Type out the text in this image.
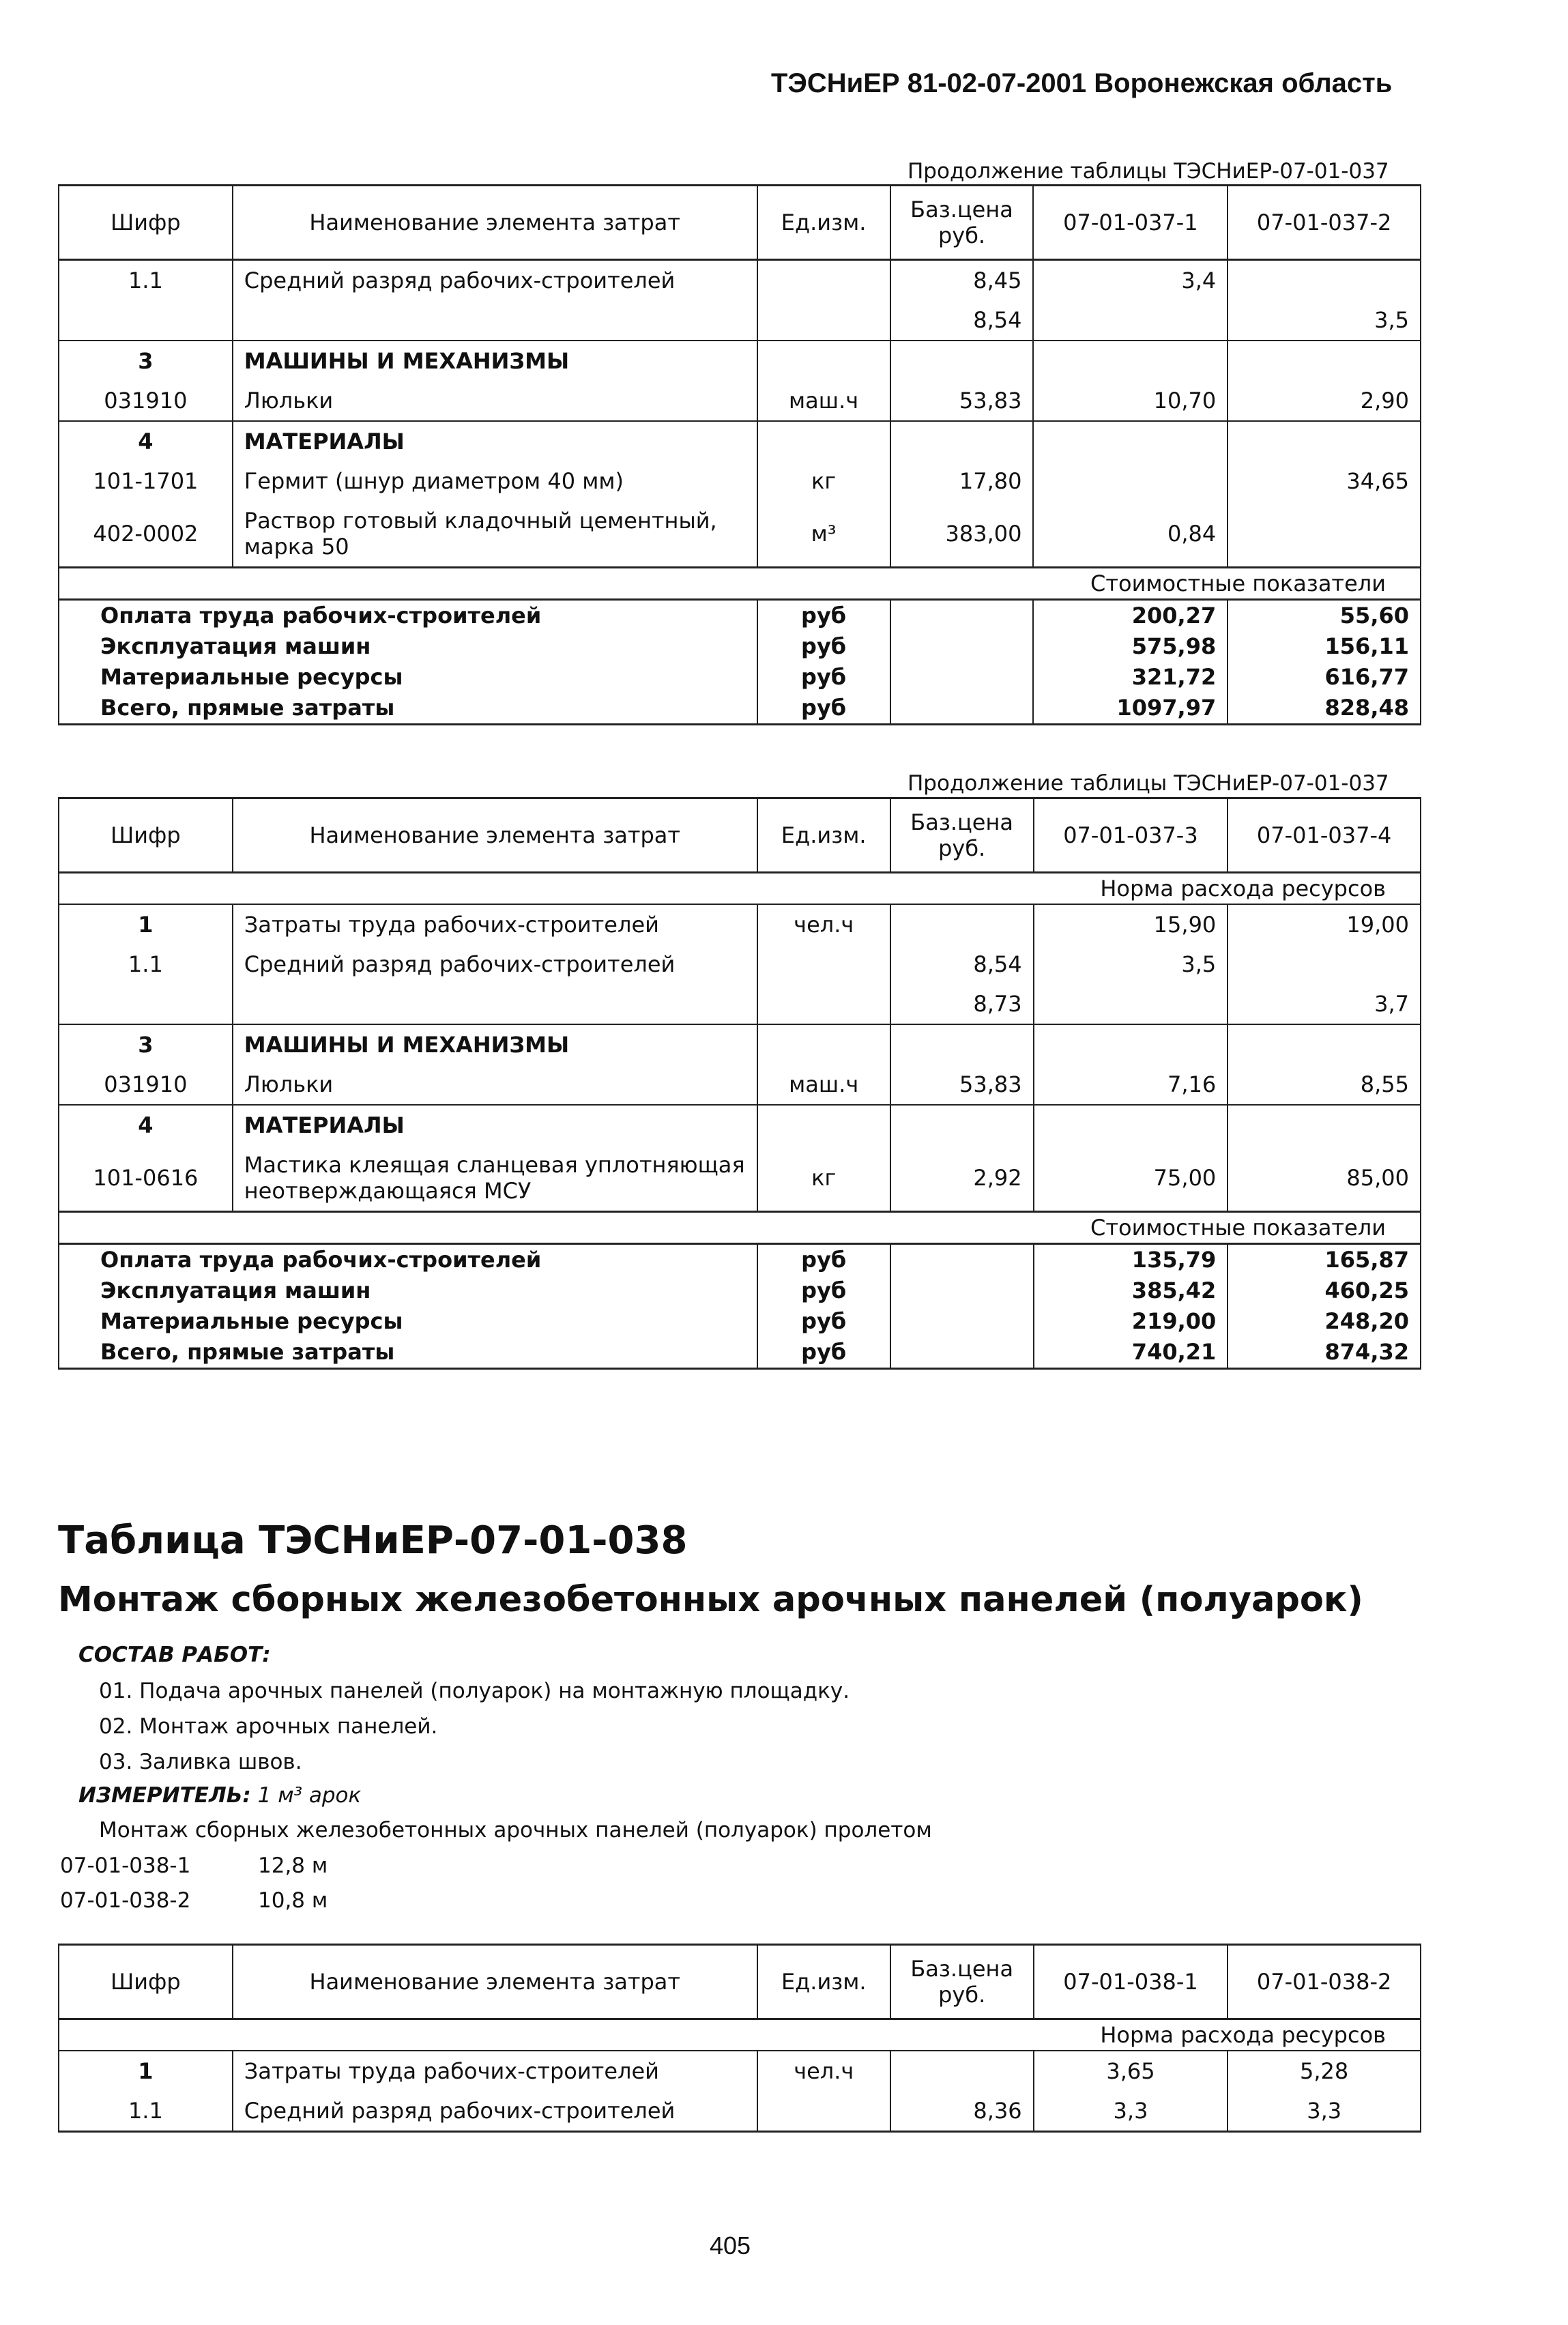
ТЭСНиЕР 81-02-07-2001 Воронежская область
Продолжение таблицы ТЭСНиЕР-07-01-037
Шифр	Наименование элемента затрат	Ед.изм.	Баз.цена руб.	07-01-037-1	07-01-037-2
1.1	Средний разряд рабочих-строителей		8,45	3,4	
			8,54		3,5
3	МАШИНЫ И МЕХАНИЗМЫ				
031910	Люльки	маш.ч	53,83	10,70	2,90
4	МАТЕРИАЛЫ				
101-1701	Гермит (шнур диаметром 40 мм)	кг	17,80		34,65
402-0002	Раствор готовый кладочный цементный, марка 50	м³	383,00	0,84	
Стоимостные показатели					
Оплата труда рабочих-строителей		руб		200,27	55,60
Эксплуатация машин		руб		575,98	156,11
Материальные ресурсы		руб		321,72	616,77
Всего, прямые затраты		руб		1097,97	828,48
Продолжение таблицы ТЭСНиЕР-07-01-037
Шифр	Наименование элемента затрат	Ед.изм.	Баз.цена руб.	07-01-037-3	07-01-037-4
Норма расхода ресурсов					
1	Затраты труда рабочих-строителей	чел.ч		15,90	19,00
1.1	Средний разряд рабочих-строителей		8,54	3,5	
			8,73		3,7
3	МАШИНЫ И МЕХАНИЗМЫ				
031910	Люльки	маш.ч	53,83	7,16	8,55
4	МАТЕРИАЛЫ				
101-0616	Мастика клеящая сланцевая уплотняющая неотверждающаяся МСУ	кг	2,92	75,00	85,00
Стоимостные показатели					
Оплата труда рабочих-строителей		руб		135,79	165,87
Эксплуатация машин		руб		385,42	460,25
Материальные ресурсы		руб		219,00	248,20
Всего, прямые затраты		руб		740,21	874,32
Таблица ТЭСНиЕР-07-01-038
Монтаж сборных железобетонных арочных панелей (полуарок)
СОСТАВ РАБОТ:
01. Подача арочных панелей (полуарок) на монтажную площадку.
02. Монтаж арочных панелей.
03. Заливка швов.
ИЗМЕРИТЕЛЬ: 1 м³ арок
Монтаж сборных железобетонных арочных панелей (полуарок) пролетом
07-01-038-1	12,8 м
07-01-038-2	10,8 м
Шифр	Наименование элемента затрат	Ед.изм.	Баз.цена руб.	07-01-038-1	07-01-038-2
Норма расхода ресурсов					
1	Затраты труда рабочих-строителей	чел.ч		3,65	5,28
1.1	Средний разряд рабочих-строителей		8,36	3,3	3,3
405
